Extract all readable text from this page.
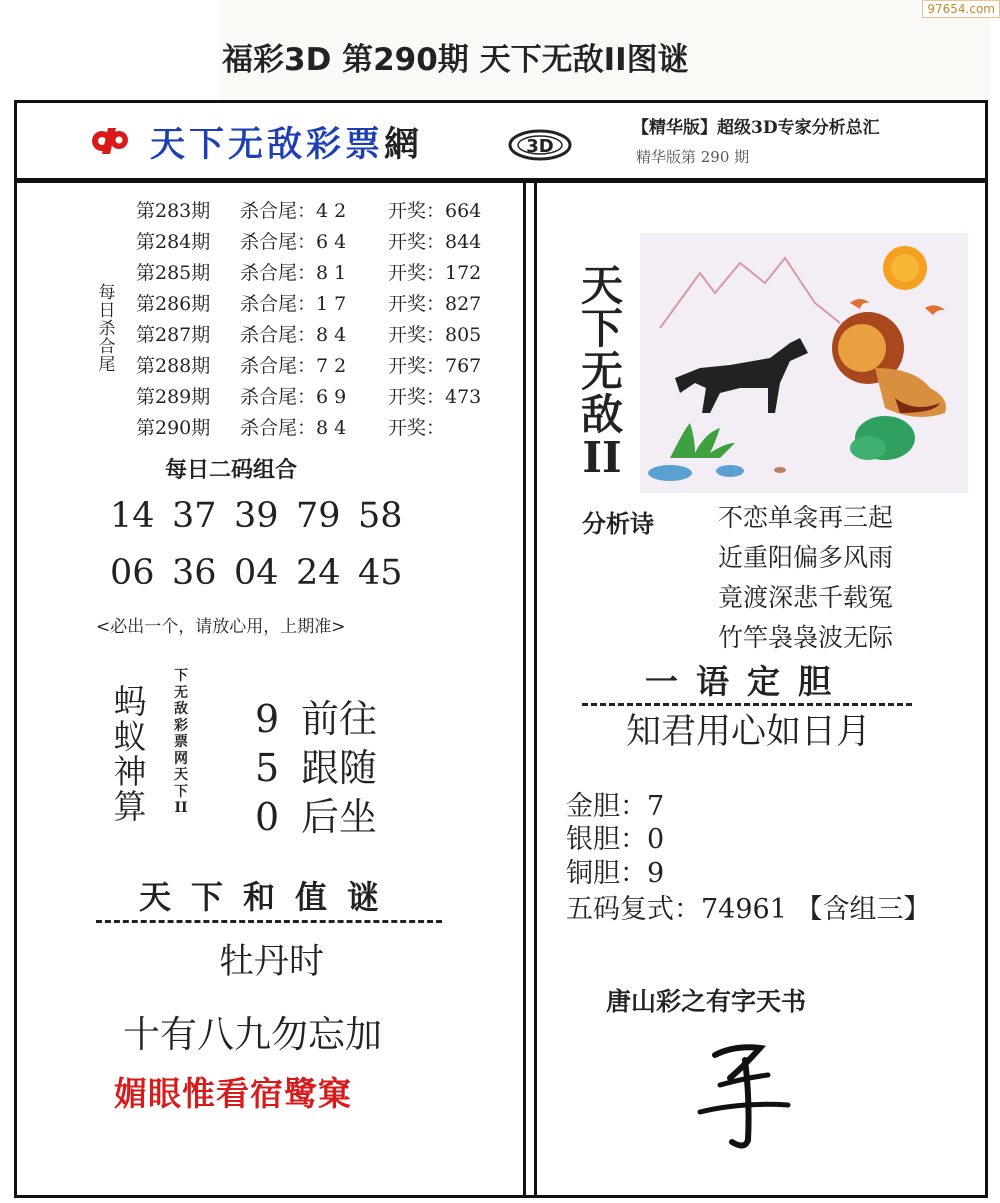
福彩3D 第290期 天下无敌II图谜
97654.com
天下无敌彩票網	3D
【精华版】超级3D专家分析总汇
精华版第 290 期
每日杀合尾
第283期 杀合尾：4 2 开奖：664
第284期 杀合尾：6 4 开奖：844
第285期 杀合尾：8 1 开奖：172
第286期 杀合尾：1 7 开奖：827
第287期 杀合尾：8 4 开奖：805
第288期 杀合尾：7 2 开奖：767
第289期 杀合尾：6 9 开奖：473
第290期 杀合尾：8 4 开奖：
每日二码组合
14 37 39 79 58
06 36 04 24 45
<必出一个，请放心用，上期准>
蚂蚁神算
下无敌彩票网天下II
9 前往
5 跟随
0 后坐
天下和值谜
牡丹时
十有八九勿忘加
媚眼惟看宿鹭窠
天下无敌II
分析诗	不恋单衾再三起
近重阳偏多风雨
竟渡深悲千载冤
竹竿袅袅波无际
一语定胆
知君用心如日月
金胆：7
银胆：0
铜胆：9
五码复式：74961 【含组三】
唐山彩之有字天书
